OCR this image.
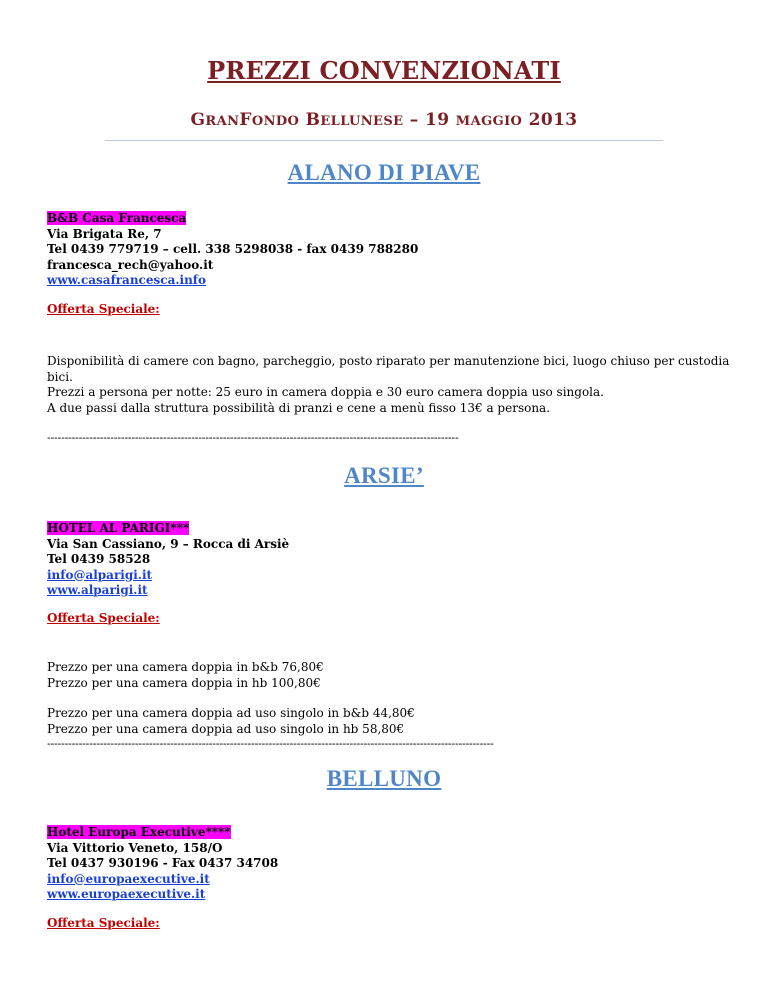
PREZZI CONVENZIONATI
GRANFONDO BELLUNESE – 19 MAGGIO 2013
ALANO DI PIAVE

B&B Casa Francesca

Via Brigata Re, 7

Tel 0439 779719 – cell. 338 5298038 - fax 0439 788280

francesca_rech@yahoo.it

www.casafrancesca.info

Offerta Speciale:

Disponibilità di camere con bagno, parcheggio, posto riparato per manutenzione bici, luogo chiuso per custodia bici.

Prezzi a persona per notte: 25 euro in camera doppia e 30 euro camera doppia uso singola.

A due passi dalla struttura possibilità di pranzi e cene a menù fisso 13€ a persona.

---------------------------------------------------------------------------------------------------------------------
ARSIE’

HOTEL AL PARIGI***

Via San Cassiano, 9 – Rocca di Arsiè

Tel 0439 58528

info@alparigi.it

www.alparigi.it

Offerta Speciale:

Prezzo per una camera doppia in b&b 76,80€

Prezzo per una camera doppia in hb 100,80€

Prezzo per una camera doppia ad uso singolo in b&b 44,80€

Prezzo per una camera doppia ad uso singolo in hb 58,80€

-------------------------------------------------------------------------------------------------------------------------------
BELLUNO

Hotel Europa Executive****

Via Vittorio Veneto, 158/O

Tel 0437 930196 - Fax 0437 34708

info@europaexecutive.it

www.europaexecutive.it

Offerta Speciale:
